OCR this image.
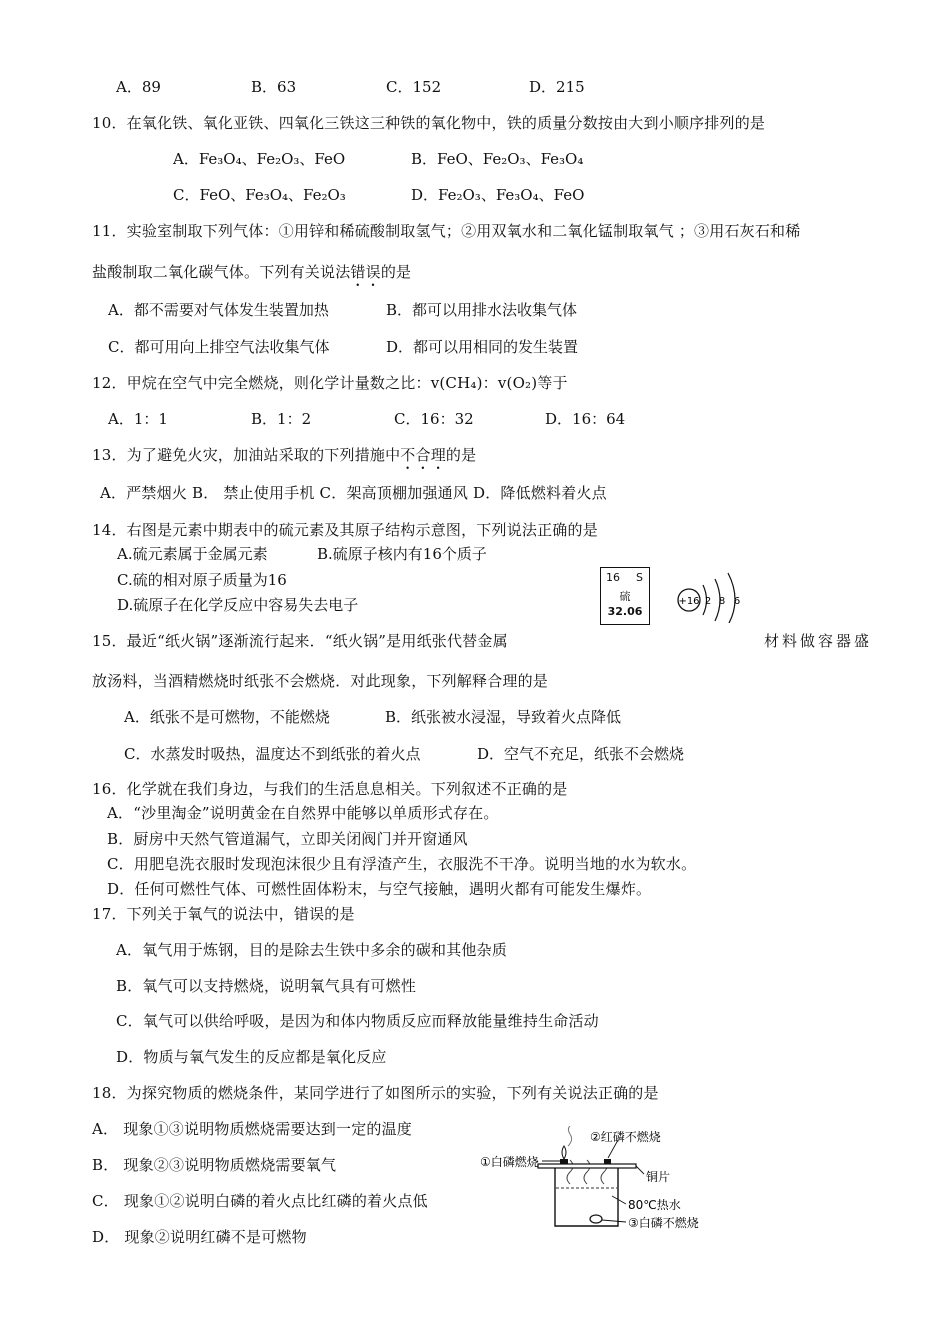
A．89	B．63	C．152	D．215
10．在氧化铁、氧化亚铁、四氧化三铁这三种铁的氧化物中，铁的质量分数按由大到小顺序排列的是
A．Fe₃O₄、Fe₂O₃、FeO	B．FeO、Fe₂O₃、Fe₃O₄
C．FeO、Fe₃O₄、Fe₂O₃	D．Fe₂O₃、Fe₃O₄、FeO
11．实验室制取下列气体：①用锌和稀硫酸制取氢气；②用双氧水和二氧化锰制取氧气 ；③用石灰石和稀
盐酸制取二氧化碳气体。下列有关说法错误的是
A．都不需要对气体发生装置加热	B．都可以用排水法收集气体
C．都可用向上排空气法收集气体	D．都可以用相同的发生装置
12．甲烷在空气中完全燃烧，则化学计量数之比：v(CH₄)：v(O₂)等于
A．1：1	B．1：2	C．16：32	D．16：64
13．为了避免火灾，加油站采取的下列措施中不合理的是
A．严禁烟火 B． 禁止使用手机 C．架高顶棚加强通风 D．降低燃料着火点
14．右图是元素中期表中的硫元素及其原子结构示意图，下列说法正确的是
A.硫元素属于金属元素	B.硫原子核内有16个质子
C.硫的相对原子质量为16
D.硫原子在化学反应中容易失去电子
16 S
硫
32.06
+16 2 8 6
15．最近“纸火锅”逐渐流行起来．“纸火锅”是用纸张代替金属	材料做容器盛
放汤料，当酒精燃烧时纸张不会燃烧．对此现象，下列解释合理的是
A．纸张不是可燃物，不能燃烧	B．纸张被水浸湿，导致着火点降低
C．水蒸发时吸热，温度达不到纸张的着火点	D．空气不充足，纸张不会燃烧
16．化学就在我们身边，与我们的生活息息相关。下列叙述不正确的是
A．“沙里淘金”说明黄金在自然界中能够以单质形式存在。
B．厨房中天然气管道漏气，立即关闭阀门并开窗通风
C．用肥皂洗衣服时发现泡沫很少且有浮渣产生，衣服洗不干净。说明当地的水为软水。
D．任何可燃性气体、可燃性固体粉末，与空气接触，遇明火都有可能发生爆炸。
17．下列关于氧气的说法中，错误的是
A．氧气用于炼钢，目的是除去生铁中多余的碳和其他杂质
B．氧气可以支持燃烧，说明氧气具有可燃性
C．氧气可以供给呼吸，是因为和体内物质反应而释放能量维持生命活动
D．物质与氧气发生的反应都是氧化反应
18．为探究物质的燃烧条件，某同学进行了如图所示的实验，下列有关说法正确的是
A． 现象①③说明物质燃烧需要达到一定的温度
B． 现象②③说明物质燃烧需要氧气
C． 现象①②说明白磷的着火点比红磷的着火点低
D． 现象②说明红磷不是可燃物
①白磷燃烧
②红磷不燃烧
铜片
80℃热水
③白磷不燃烧
